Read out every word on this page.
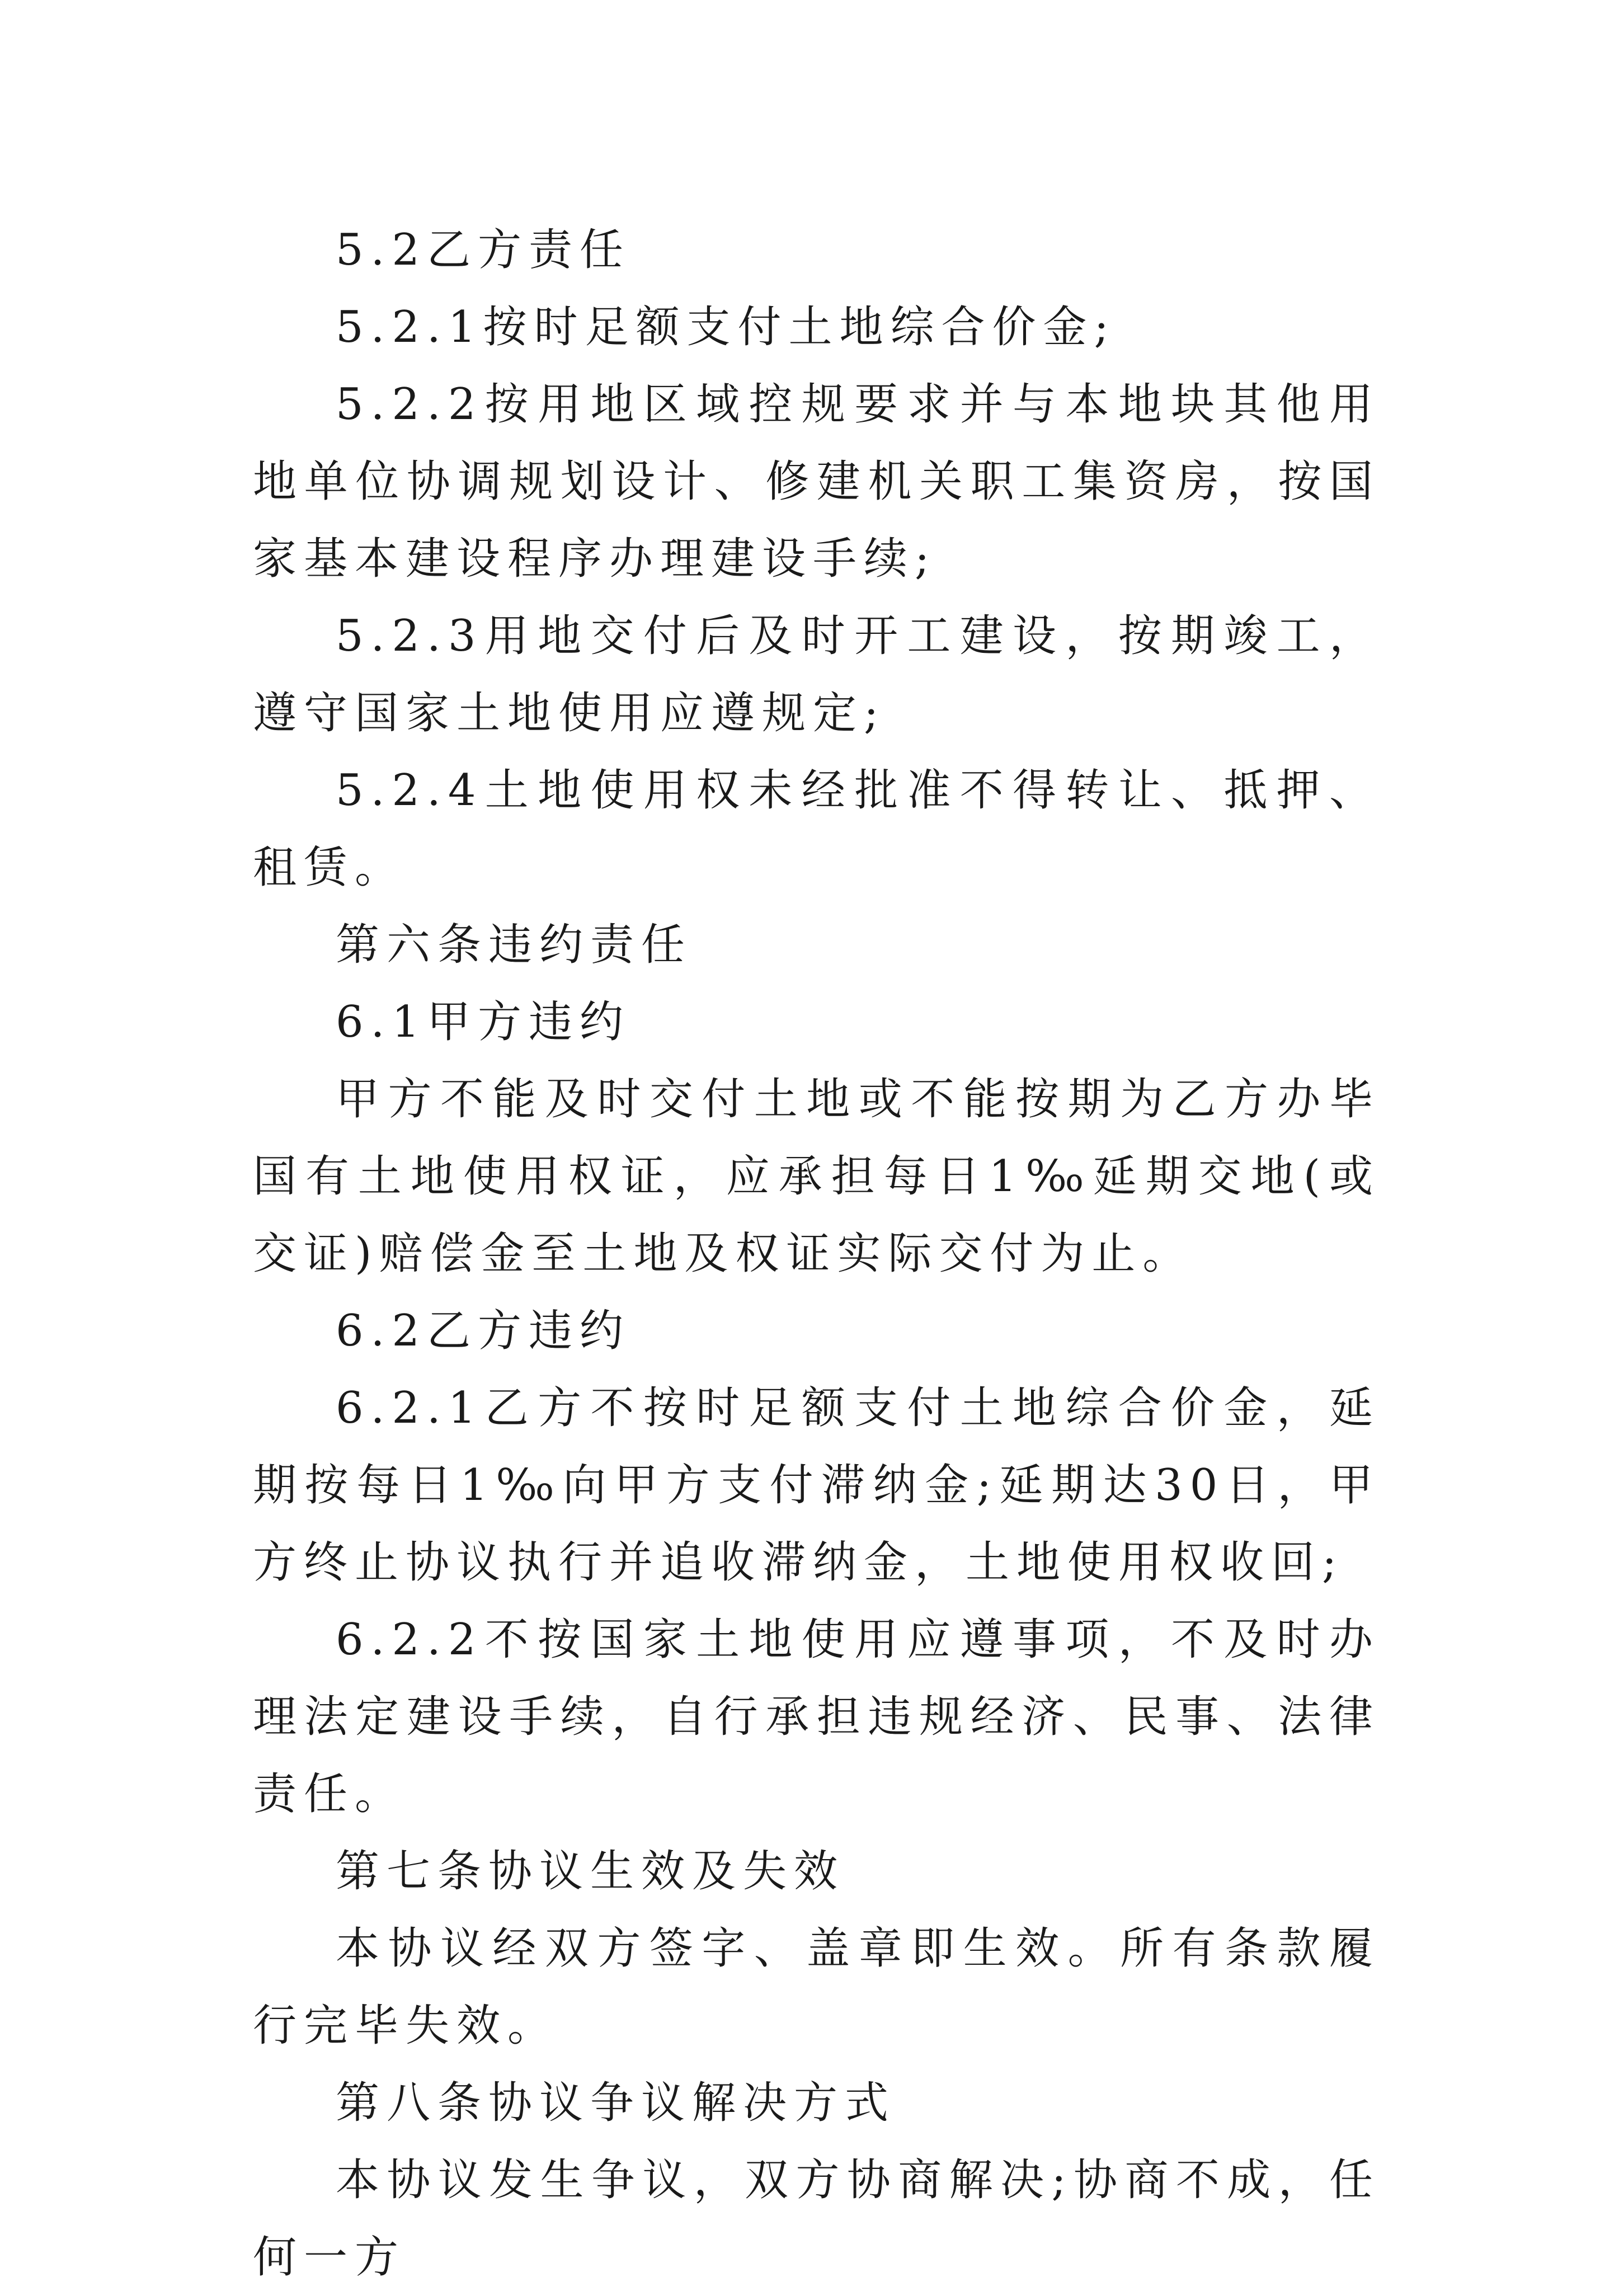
5.2乙方责任

5.2.1按时足额支付土地综合价金;

5.2.2按用地区域控规要求并与本地块其他用地单位协调规划设计、修建机关职工集资房，按国家基本建设程序办理建设手续;

5.2.3用地交付后及时开工建设，按期竣工，遵守国家土地使用应遵规定;

5.2.4土地使用权未经批准不得转让、抵押、租赁。

第六条违约责任

6.1甲方违约

甲方不能及时交付土地或不能按期为乙方办毕国有土地使用权证，应承担每日1‰延期交地(或交证)赔偿金至土地及权证实际交付为止。

6.2乙方违约

6.2.1乙方不按时足额支付土地综合价金，延期按每日1‰向甲方支付滞纳金;延期达30日，甲方终止协议执行并追收滞纳金，土地使用权收回;

6.2.2不按国家土地使用应遵事项，不及时办理法定建设手续，自行承担违规经济、民事、法律责任。

第七条协议生效及失效

本协议经双方签字、盖章即生效。所有条款履行完毕失效。

第八条协议争议解决方式

本协议发生争议，双方协商解决;协商不成，任何一方
